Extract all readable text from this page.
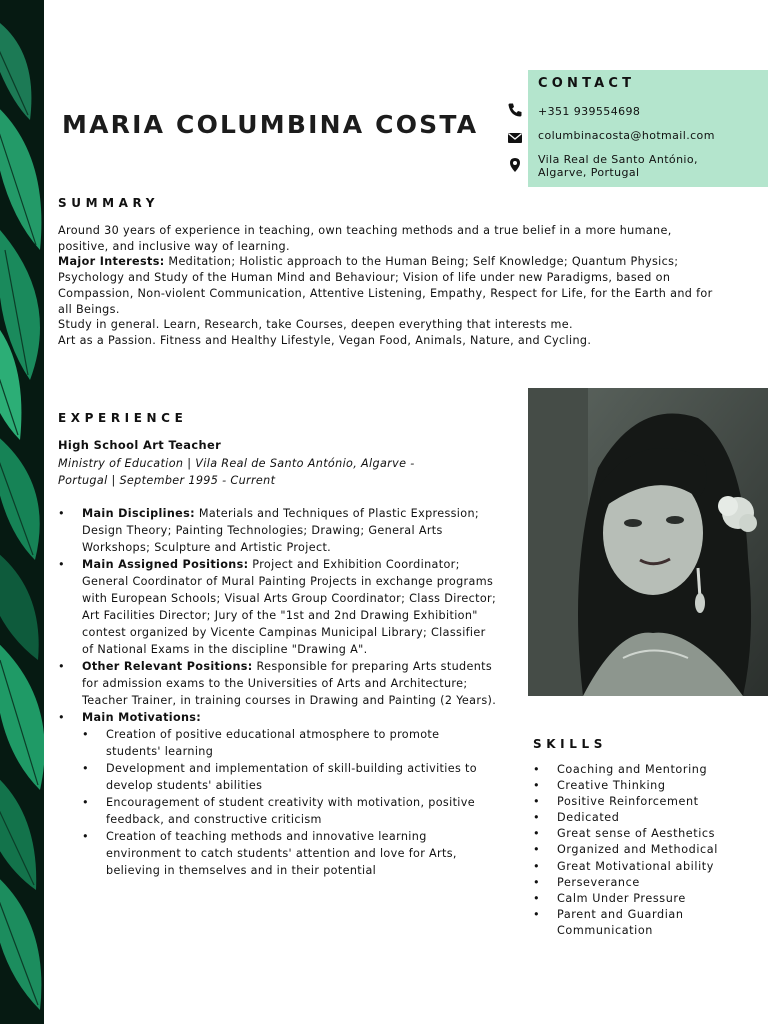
MARIA COLUMBINA COSTA
CONTACT
+351 939554698
columbinacosta@hotmail.com
Vila Real de Santo António,
Algarve, Portugal
SUMMARY

Around 30 years of experience in teaching, own teaching methods and a true belief in a more humane, positive, and inclusive way of learning.

Major Interests: Meditation; Holistic approach to the Human Being; Self Knowledge; Quantum Physics; Psychology and Study of the Human Mind and Behaviour; Vision of life under new Paradigms, based on Compassion, Non-violent Communication, Attentive Listening, Empathy, Respect for Life, for the Earth and for all Beings.

Study in general. Learn, Research, take Courses, deepen everything that interests me.

Art as a Passion. Fitness and Healthy Lifestyle, Vegan Food, Animals, Nature, and Cycling.

EXPERIENCE
High School Art Teacher
Ministry of Education | Vila Real de Santo António, Algarve - Portugal | September 1995 - Current
• Main Disciplines: Materials and Techniques of Plastic Expression; Design Theory; Painting Technologies; Drawing; General Arts Workshops; Sculpture and Artistic Project.
• Main Assigned Positions: Project and Exhibition Coordinator; General Coordinator of Mural Painting Projects in exchange programs with European Schools; Visual Arts Group Coordinator; Class Director; Art Facilities Director; Jury of the "1st and 2nd Drawing Exhibition" contest organized by Vicente Campinas Municipal Library; Classifier of National Exams in the discipline "Drawing A".
• Other Relevant Positions: Responsible for preparing Arts students for admission exams to the Universities of Arts and Architecture; Teacher Trainer, in training courses in Drawing and Painting (2 Years).
• Main Motivations:
• Creation of positive educational atmosphere to promote students' learning
• Development and implementation of skill-building activities to develop students' abilities
• Encouragement of student creativity with motivation, positive feedback, and constructive criticism
• Creation of teaching methods and innovative learning environment to catch students' attention and love for Arts, believing in themselves and in their potential
SKILLS
• Coaching and Mentoring
• Creative Thinking
• Positive Reinforcement
• Dedicated
• Great sense of Aesthetics
• Organized and Methodical
• Great Motivational ability
• Perseverance
• Calm Under Pressure
• Parent and Guardian Communication
